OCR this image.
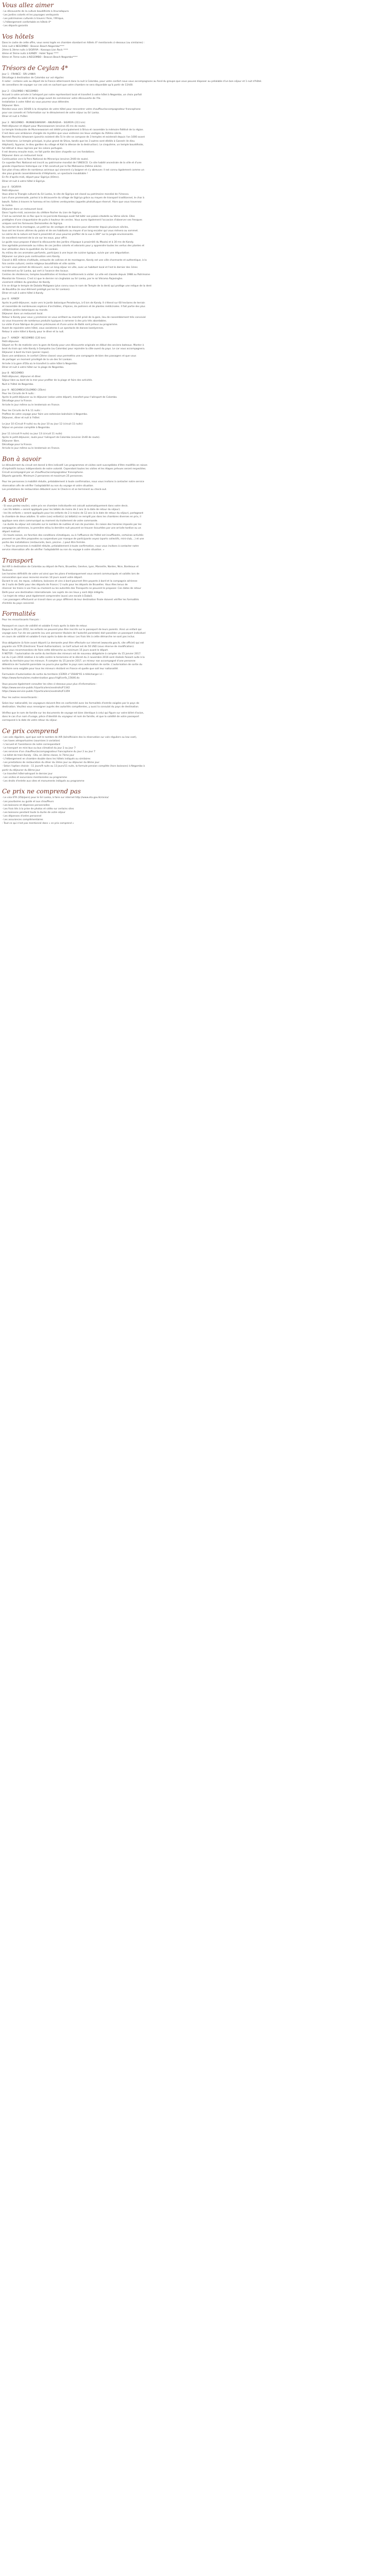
Vous allez aimer

- La découverte de la culture bouddhiste à Anuradapura

- Les jardins colorés et les paysages verdoyants

- Les patrimoines culturels à travers l'Asie, l'Afrique,

- L'hébergement confortable en hôtels 4*

- Les départs garantis

Vos hôtels

Dans le cadre de cette offre, vous serez logés en chambre standard en hôtels 4* mentionnés ci-dessous (ou similaires) :

1ère nuit à NEGOMBO : Beacon Beach Negombo****

2ème & 3ème nuits à SIGIRIYA : Kassapa Lion Rock ****

4ème et 5ème nuits à KANDY : Hotel Topaz ****

6ème et 7ème nuits à NEGOMBO : Beacon Beach Negombo****

Trésors de Ceylan 4*

Jour 1 : FRANCE - SRI LANKA

Décollage à destination de Colombo sur vol régulier.

A noter : certains vols au départ de la France atterrissent dans la nuit à Colombo, pour votre confort nous vous accompagnons au fond du groupe que vous pouvez disposer au préalable d'un bon séjour et 1 nuit d'hôtel.

de conseillons de voyager sur ces vols en sachant que votre chambre ne sera disponible qu'à partir de 11h00.

Jour 2 : COLOMBO / NEGOMBO

Accueil à votre arrivée à l'aéroport par notre représentant local et transfert à votre hôtel à Negombo, un choix parfait

pour profiter du soleil et de la plage avant de commencer votre découverte de l'île.

Installation à votre hôtel où vous pourrez vous détendre.

Déjeuner libre.

Rendez-vous vers 16h00 à la réception de votre hôtel pour rencontrer votre chauffeur/accompagnateur francophone

pour vos conseils et l'information sur le déroulement de votre séjour au Sri Lanka.

Dîner et nuit à l'hôtel.

Jour 3 : NEGOMBO - MUNNESWARAM - ANURADHA - SIGIRIYA (211 km)

Petit-déjeuner et départ pour Munneswaram (environ 45 mn de route).

Le temple hindouiste de Munneswaram est dédié principalement à Shiva et rassemble la mémoire fidélisé de la région.

C'est dans une ambiance chargée de mystère que vous visiterez ces lieux vestiges du XVème siècle.

Nommé Panchis Ishwaram (panchis existent dès 5) le site se compose de 3 temples et existerait depuis l'an 1000 avant

les historiens. Le temple principal, le plus grand de Shiva, tandis que les 3 autres sont dédiés à Ganesh (le dieu

éléphant), Ayyanar, le dieu gardien du village et Kali la déesse de la destruction). Le cinquième, un temple bouddhiste,

fut détruit à deux reprises par les colons portugais.

Il est devenu ensuite mais, ne fait partie des bien chapelle sur ces fondations.

Déjeuner dans un restaurant local.

Continuation vers la Pons National de Minneriya (environ 2h00 de route).

Ce superbe Parc National est inscrit au patrimoine mondial de l'UNESCO. Ce site habité ancestrale de la ville et d'une

grande importance historique car il fût construit par le Roi Mahasena (IVème siècle).

Son plan d'eau attire de nombreux animaux qui viennent s'y baigner et s'y abreuver. Il est connu également comme un

des plus grands rassemblements d'éléphants, un spectacle inoubliable !

En fin d'après-midi, départ pour Sigiriya (40mn).

Dîner et nuit à votre hôtel à Sigiriya.

Jour 4 : SIGIRIYA

Petit-déjeuner.

Vous allez la Triangle culturel du Sri Lanka, le site de Sigiriya est classé au patrimoine mondial de l'Unesco.

Lors d'une promenade, partez à la découverte du village de Sigiriya grâce au moyen de transport traditionnel, le char à

bœufs. Faites à travers le hameau et les rizières verdoyantes (appelés photo/tuque réservé. Alors que vous traversez

la rivière.

Déjeuner dans un restaurant local.

Dans l'après-midi, ascension du célèbre Rocher du Lion de Sigiriya.

C'est au sommet de ce Roc que le roi parricide Kassapa avait fait bâtir son palais-citadelle au Vème siècle. Elles

protégées d'une cinquantaine de puits à hauteur de cercles. Vous aurez également l'occasion d'observer ses fresques

uniques sont les fameuses Demoiselles de Sigiriya.

Au sommet de la montagne, un petit lac de vestiges et de bassins pour alimenter depuis plusieurs siècles,

tous ont les traces ultimes du palais et de ses habitants au moyen d'un long escalier qui vous mènera au sommet.

Le calme de la nature est tout à proximité et vous pourrez profiter de la vue à 360° sur la jungle environnante.

Un excellent moment de la vie sur les eaux, pour offrir.

Le guide nous propose d'abord la découverte des jardins d'époque à proximité du Moutai et à 30 mn de Kandy.

Une agréable promenade au milieu de ces jardins colorés et odorants pour y apprendre toutes les vertus des plantes et

leur utilisation dans la quotidien du Sri Lankais.

Au milieu de ces aromates parfumés, participez à une leçon de cuisine typique, suivie par une dégustation.

Déjeuner sur place puis continuation vers Kandy.

Classé à 465 mètres d'altitude, entourée de collines et de montagnes, Kandy est une ville charmante et authentique, à la

fois centre culturel, centre religieux bouddhiste et ville sainte.

Le train vous permet de découvrir, avec un long séjour en ville, avec un habitant local et l'est le dernier des 1ères

maintenant au Sri Lanka, qui sert à l'avance des locaux.

Centres de résidences, temples bouddhistes et hindous traditionnels à visiter. La ville est classée depuis 1988 au Patrimoine

Mondial de l'Unesco. C'est ici que le dernier roi cinghalais au Sri Lanka, par le roi Vikrama Rajasinghe.

vivement célèbre du grandeur de Kandy.

Il le se dirige le temple de Dalada Maligawa (plus connu sous le nom de Temple de la dent) qui protège une relique de la dent

de Bouddha (le seul élément protégé par les Sri Lankais).

Dîner et nuit à votre hôtel à Kandy.

Jour 6 : KANDY

Après le petit-déjeuner, route vers le jardin botanique Peradeniya, à 6 km de Kandy. Il s'étend sur 60 hectares de terrain

et rassemble de nombreuses espèces d'orchidées, d'épices, de palmiers et de plantes médicinales. Il fait partie des plus

célèbres jardins botaniques au monde.

Déjeuner dans un restaurant local.

Retour à Kandy pour vous y promener en vous arrêtant au marché prisé de la gare, lieu de rassemblement très convivial

où vous trouverez de nombreux produits typiques à ramener à des prix très abordables.

La visite d'une fabrique de pierres précieuses et d'une usine de Batik sont prévus au programme.

Avant de rejoindre votre hôtel, vous assisterez à un spectacle de danses kandyennes.

Retour à votre hôtel à Kandy pour le dîner et la nuit.

Jour 7 : KANDY - NEGOMBO (120 km)

Petit-déjeuner.

Départ en fin de matinée vers la gare de Kandy pour une découverte originale en début des anciens bateaux. Monter à

bord du train qui relie Kandy à Gampaha (ou Colombo) pour rejoindre la côte ouest du pays. Le car vous accompagnera.

Déjeuner à bord du train (panier repas).

Dans une ambiance, le confort (3ème classe) vous permettra une compagnie de bien des passagers et que vous

de partager un moment privilégié de la vie des Sri Lankais.

Arrivée à la gare d'Ella où le transfert à votre hôtel à Negombo.

Dîner et nuit à votre hôtel sur la plage de Negombo.

Jour 8 : NEGOMBO

Petit-déjeuner, déjeuner et dîner.

Séjour libre au bord de la mer pour profiter de la plage et faire des activités.

Nuit à l'hôtel de Negombo.

Jour 9 : NEGOMBO/COLOMBO (35km)

Pour les Circuits de 9 nuits :

Après le petit-déjeuner ou le déjeuner (selon votre départ), transfert pour l'aéroport de Colombo.

Décollage pour la France.

Arrivée le jour même ou le lendemain en France.

Pour les Circuits de 9 & 11 nuits :

Profitez de votre voyage pour faire une extension balnéaire à Negombo.

Déjeuner, dîner et nuit à l'hôtel.

Le jour 10 (Circuit 9 nuits) ou du jour 10 au jour 12 (circuit 11 nuits)

Séjour en pension complète à Negombo.

Jour 11 (circuit 9 nuits) ou jour 13 (circuit 11 nuits)

Après le petit-déjeuner, route pour l'aéroport de Colombo (environ 1h40 de route).

Déjeuner libre.

Décollage pour la France.

Arrivée le jour même ou le lendemain en France.

Bon à savoir

Le déroulement du circuit est donné à titre indicatif. Les programmes et visites sont susceptibles d'être modifiés en raison

d'impératifs locaux indépendants de notre volonté. Cependant toutes les visites et les étapes prévues seront respectées.

Circuit accompagné par un chauffeur/accompagnateur francophone.

Départs garantis. Minimum 2 personnes et maximum 25 personnes.

Pour les personnes à mobilité réduite, préalablement à toute confirmation, nous vous invitons à contacter notre service

réservation afin de vérifier l'adaptabilité au non du voyage et votre situation.

Les prestations de restauration débutent avec le Check-in et se terminent au check-out.

A savoir

- Si vous partez seul(e), votre prix en chambre individuelle est calculé automatiquement dans votre devis.

- Les lits bébés » seront appliqués pour les bébés de moins de 2 ans (à la date de retour du séjour).

- les lits enfants » seront appliqués pour les enfants de 2 à moins de 12 ans (à la date de retour du séjour), partageant

la chambre de deux adultes. Si votre (vos) enfant(s) (a) bébé(s) ne remplit pas dans les chambres diverses en prix, il

applique sera alors communiqué au moment du traitement de votre commande.

- La durée du séjour est calculée sur le nombre de nuitées et non de journées. En raison des horaires imposés par les

compagnies aériennes, la première et/ou la dernière nuit peuvent se trouver écourtées par une arrivée tardive ou un

départ matinal.

- En haute saison, en fonction des conditions climatiques, ou à l'affluence de l'hôtel est insuffisante, certaines activités

peuvent ne pas être proposées ou suspendues par manque de participants voyez (sports collectifs, mini-club,...) et une

partie des installations (restaurants, bars, piscine...) peut être fermée.

- « Pour les personnes à mobilité réduite, préalablement à toute confirmation, nous vous invitons à contacter notre

service réservation afin de vérifier l'adaptabilité ou non du voyage à votre situation. »

Transport

Vol A/R à destination de Colombo au départ de Paris, Bruxelles, Genève, Lyon, Marseille, Nantes, Nice, Bordeaux et

Toulouse.

Les horaires définitifs de votre vol ainsi que les plans d'embarquement vous seront communiqués et validés lors de

convocation que vous recevrez environ 10 jours avant votre départ.

Durant le vol, les repas, collations, boissons et vins à bord pourront être payants à bord et la compagnie aérienne

de 2 nuits de Delhi pour des départs de France / 2 nuits pour les départs de Bruxelles. Vous êtes tenus de

réserver les trains à vos frais au moment ou les autorités des Transports ne peuvent le proposer. Ces dates de retour

Delhi pour une destination internationale. Les sujets de ces lieux y sont déjà intégrés.

- Le trajet de retour peut également comprendre (aussi une escale à Dubaï).

- Les passagers effectuent un transit dans un pays différent de leur destination finale doivent vérifier les formalités

d'entrée du pays concerné.

Formalités

Pour les ressortissants français :

Passeport en cours de validité et valable 6 mois après la date de retour.

Depuis le 26 juin 2012, les enfants ne peuvent plus être inscrits sur le passeport de leurs parents. Ainsi un enfant qui

voyage avec l'un de ses parents (ou une personne titulaire de l'autorité parentale) doit posséder un passeport individuel

en cours de validité et valable 6 mois après la date de retour. Les frais liés à cette démarche ne sont pas inclus.

Visa obligatoire (à faire avant départ) La demande peut être effectuée sur internet (www.eta.gov.lk, site officiel) qui est

payante via l'ETA (Electronic Travel Authorisation). Le tarif actuel est de 50 USD (sous réserve de modification).

Nous vous recommandons de faire cette démarche au minimum 15 jours avant le départ.

À NOTER : l'autorisation de sortie du territoire des mineurs est de nouveau obligatoire à compter du 15 janvier 2017.

Loi du 3 juin 2016 relative à la lutte contre le terrorisme et le décret du 2 novembre 2016 sont réalisés faisant suite à la

sortie du territoire pour les mineurs. À compter du 15 janvier 2017, un mineur non accompagné d'une personne

détentrice de l'autorité parentale ne pourra plus quitter le pays sans autorisation de sortie. L'autorisation de sortie du

territoire sera exigible pour tous les mineurs résidant en France et quelle que soit leur nationalité.

Formulaire d'autorisation de sortie du territoire (CERFA n°15646*01 à télécharger ici :

https://www.formulaires.modernisation.gouv.fr/gf/cerfa_15646.do

Vous pouvez également consulter les sites ci-dessous pour plus d'informations :

https://www.service-public.fr/particuliers/vosdroits/F1342

https://www.service-public.fr/particuliers/vosdroits/F1359

Pour les autres ressortissants :

Selon leur nationalité, les voyageurs doivent être en conformité avec les formalités d'entrée exigées par le pays de

destination. Veuillez vous renseigner auprès des autorités compétentes, y aussi la consulat du pays de destination.

Vérifiez que le nom de famille sur les documents de voyage est bien identique à celui qui figure sur votre billet d'avion,

dans le cas d'un nom d'usage, pièce d'identité du voyageur et nom de famille, et que la validité de votre passeport

correspond à la date de votre retour du séjour.

Ce prix comprend

- Les vols réguliers, quel que soit le nombre de AIR (bénéficiaire des la réservation sur vols réguliers ou low cost),

- Les taxes aéroportuaires (soumises à variation)

- L'accueil et l'assistance de notre correspondant

- Le transport en mini-bus ou bus climatisé du jour 2 au jour 7

- Les services d'un chauffeur/accompagnateur francophone du jour 2 au jour 7

- Le billet de train Kandy - Ella, en 3ème classe, le 7ème jour

- L'hébergement en chambre double dans les hôtels indiqués ou similaires

- Les prestations de restauration du dîner du 2ème jour au déjeuner du 8ème jour

- Selon l'option choisie : 11 jours/9 nuits ou 13 jours/11 nuits, la formule pension complète (hors boissons) à Negombo à

partir du déjeuner du 8ème jour

- Le transfert hôtel-aéroport le dernier jour

- Les visites et excursions mentionnées au programme

- Les droits d'entrée aux sites et monuments indiqués au programme

Ce prix ne comprend pas

- Le visa ETA (35$/pers) pour le Sri Lanka, à faire sur internet http://www.eta.gov.lk/slvisa/

- Les pourboires au guide et aux chauffeurs

- Les boissons et dépenses personnelles

- Les frais liés à la prise de photos et vidéo sur certains sites

- Les boissons pendant toute la durée de votre séjour

- Les dépenses d'ordre personnel

- Les assurances complémentaires

- Tout ce qui n'est pas mentionné dans « ce prix comprend »
